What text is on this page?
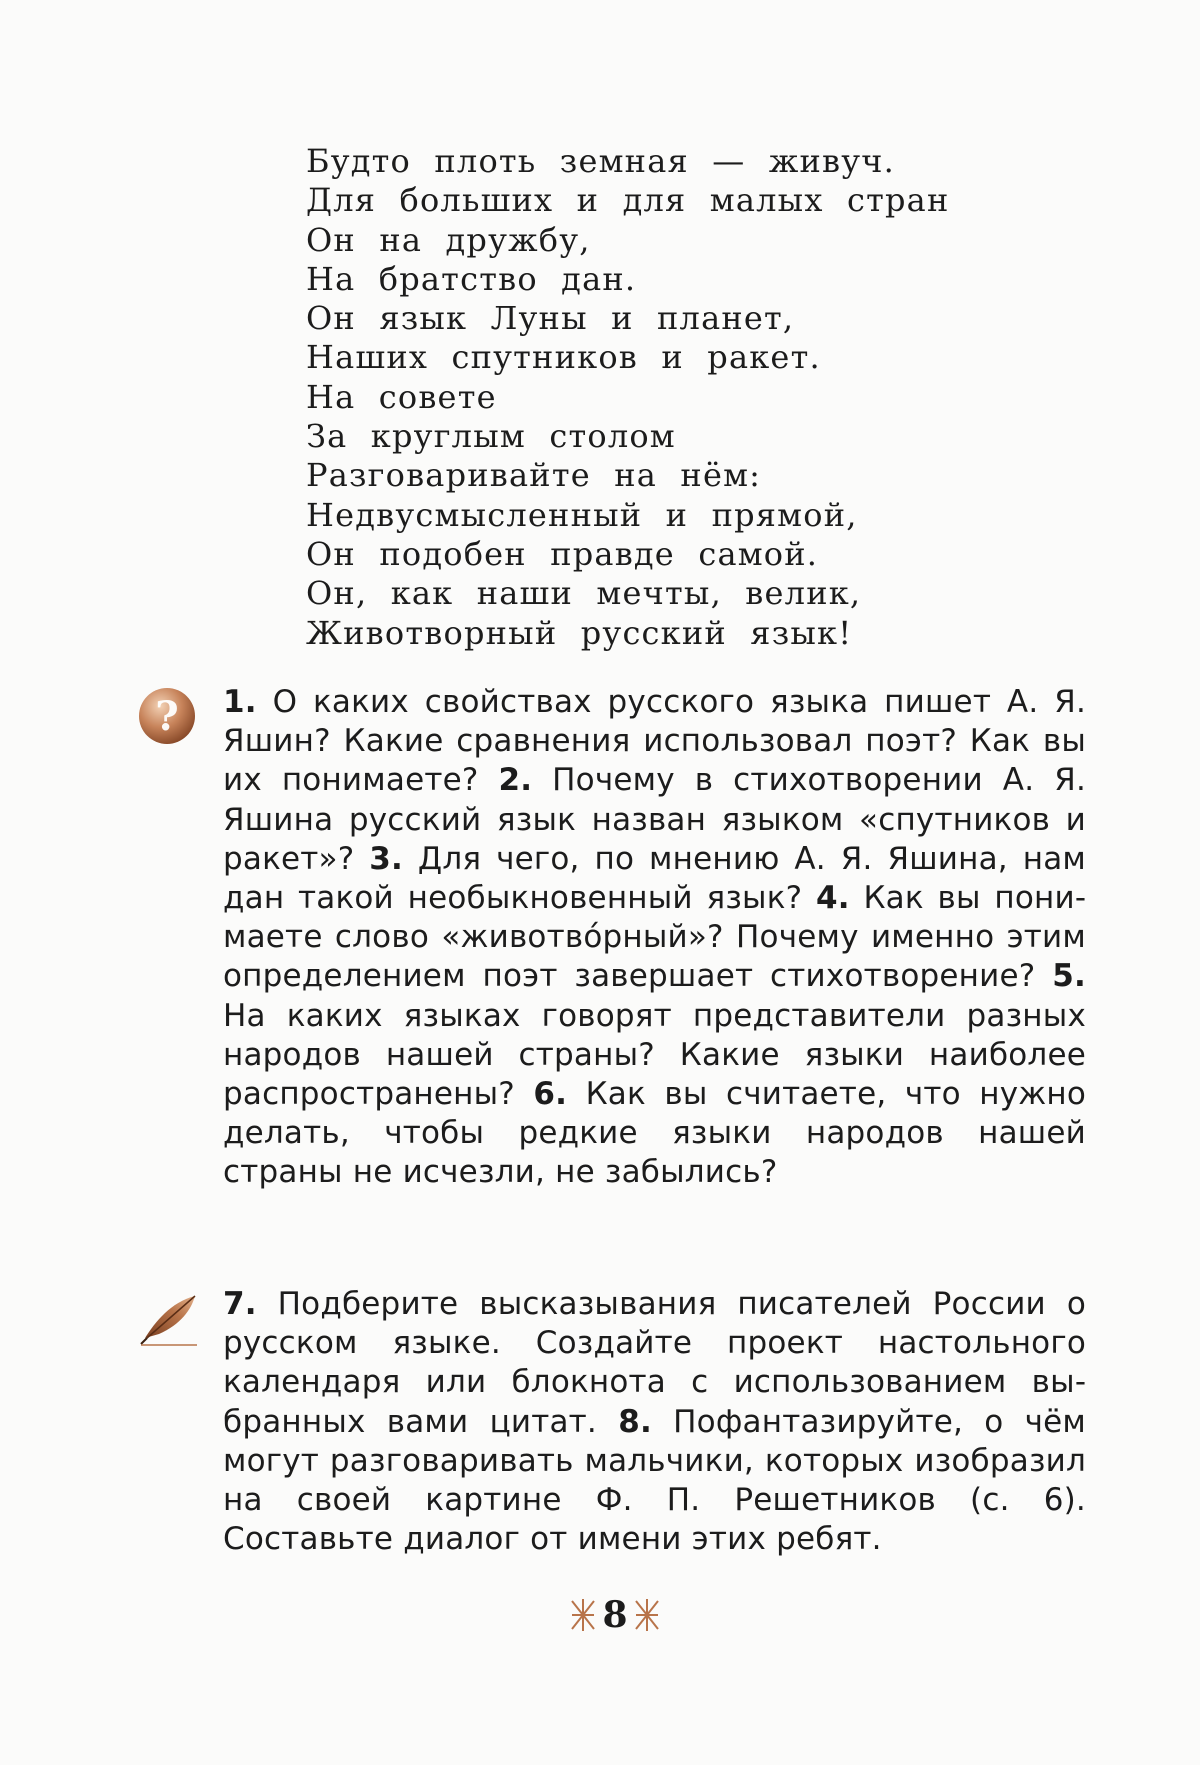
Будто плоть земная — живуч.
Для больших и для малых стран
Он на дружбу,
На братство дан.
Он язык Луны и планет,
Наших спутников и ракет.
На совете
За круглым столом
Разговаривайте на нём:
Недвусмысленный и прямой,
Он подобен правде самой.
Он, как наши мечты, велик,
Животворный русский язык!
? 1. О каких свойствах русского языка пишет А. Я. Яшин? Какие сравнения использовал поэт? Как вы их понимаете? 2. Почему в стихотворении А. Я. Яшина русский язык назван языком «спутников и ракет»? 3. Для чего, по мнению А. Я. Яшина, нам дан такой необыкновенный язык? 4. Как вы понимаете слово «животво́рный»? Почему именно этим определением поэт завершает стихотворение? 5. На каких языках говорят представители разных народов нашей страны? Какие языки наиболее распространены? 6. Как вы считаете, что нужно делать, чтобы редкие языки народов нашей страны не исчезли, не забылись?
7. Подберите высказывания писателей России о русском языке. Создайте проект настольного календаря или блокнота с использованием выбранных вами цитат. 8. Пофантазируйте, о чём могут разговаривать мальчики, которых изобразил на своей картине Ф. П. Решетников (с. 6). Составьте диалог от имени этих ребят.
8
